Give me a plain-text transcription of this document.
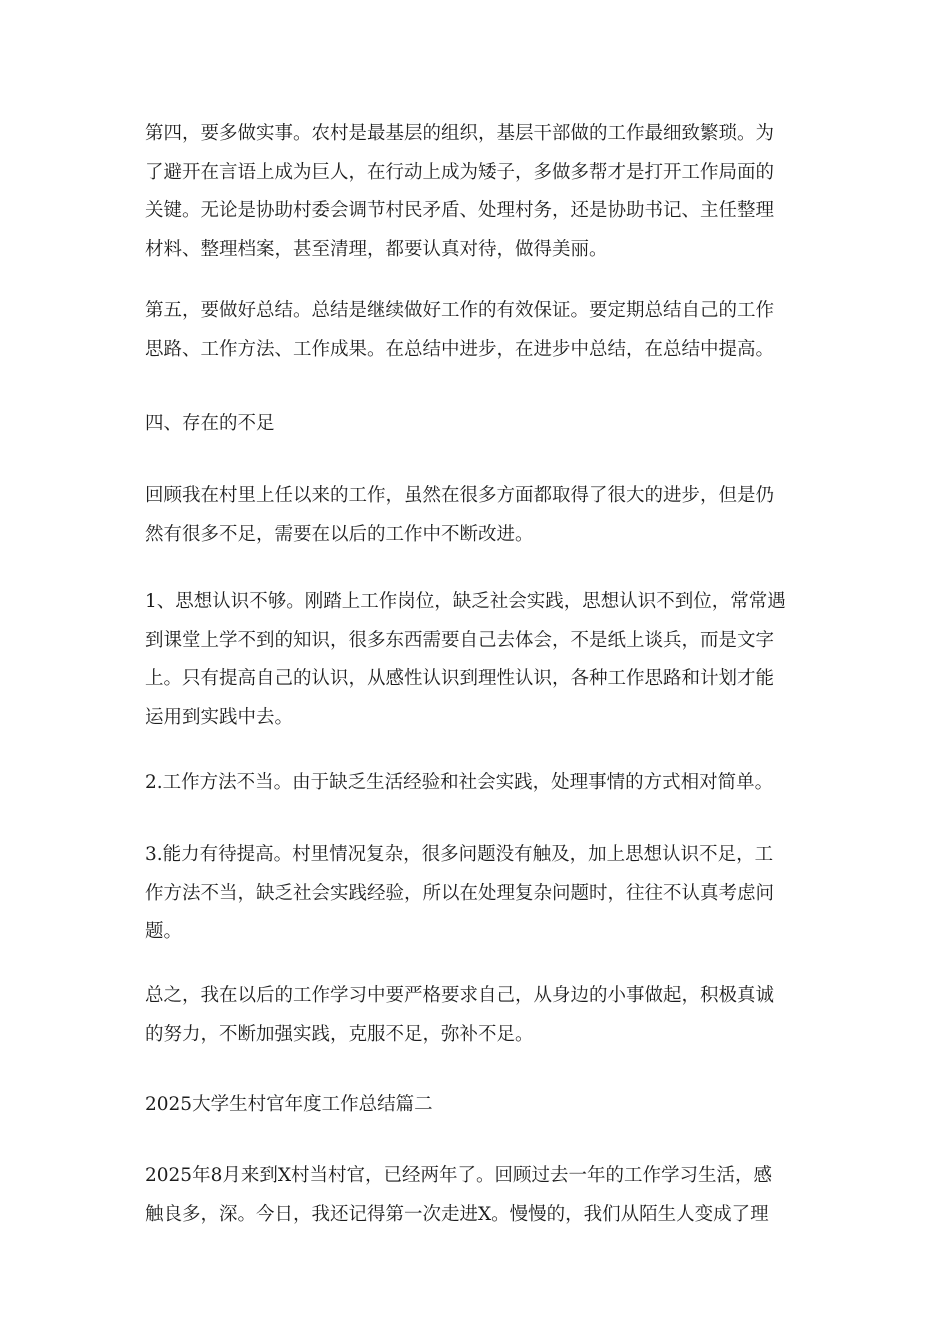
第四，要多做实事。农村是最基层的组织，基层干部做的工作最细致繁琐。为
了避开在言语上成为巨人，在行动上成为矮子，多做多帮才是打开工作局面的
关键。无论是协助村委会调节村民矛盾、处理村务，还是协助书记、主任整理
材料、整理档案，甚至清理，都要认真对待，做得美丽。
第五，要做好总结。总结是继续做好工作的有效保证。要定期总结自己的工作
思路、工作方法、工作成果。在总结中进步，在进步中总结，在总结中提高。
四、存在的不足
回顾我在村里上任以来的工作，虽然在很多方面都取得了很大的进步，但是仍
然有很多不足，需要在以后的工作中不断改进。
1、思想认识不够。刚踏上工作岗位，缺乏社会实践，思想认识不到位，常常遇
到课堂上学不到的知识，很多东西需要自己去体会，不是纸上谈兵，而是文字
上。只有提高自己的认识，从感性认识到理性认识，各种工作思路和计划才能
运用到实践中去。
2.工作方法不当。由于缺乏生活经验和社会实践，处理事情的方式相对简单。
3.能力有待提高。村里情况复杂，很多问题没有触及，加上思想认识不足，工
作方法不当，缺乏社会实践经验，所以在处理复杂问题时，往往不认真考虑问
题。
总之，我在以后的工作学习中要严格要求自己，从身边的小事做起，积极真诚
的努力，不断加强实践，克服不足，弥补不足。
2025大学生村官年度工作总结篇二
2025年8月来到X村当村官，已经两年了。回顾过去一年的工作学习生活，感
触良多，深。今日，我还记得第一次走进X。慢慢的，我们从陌生人变成了理
